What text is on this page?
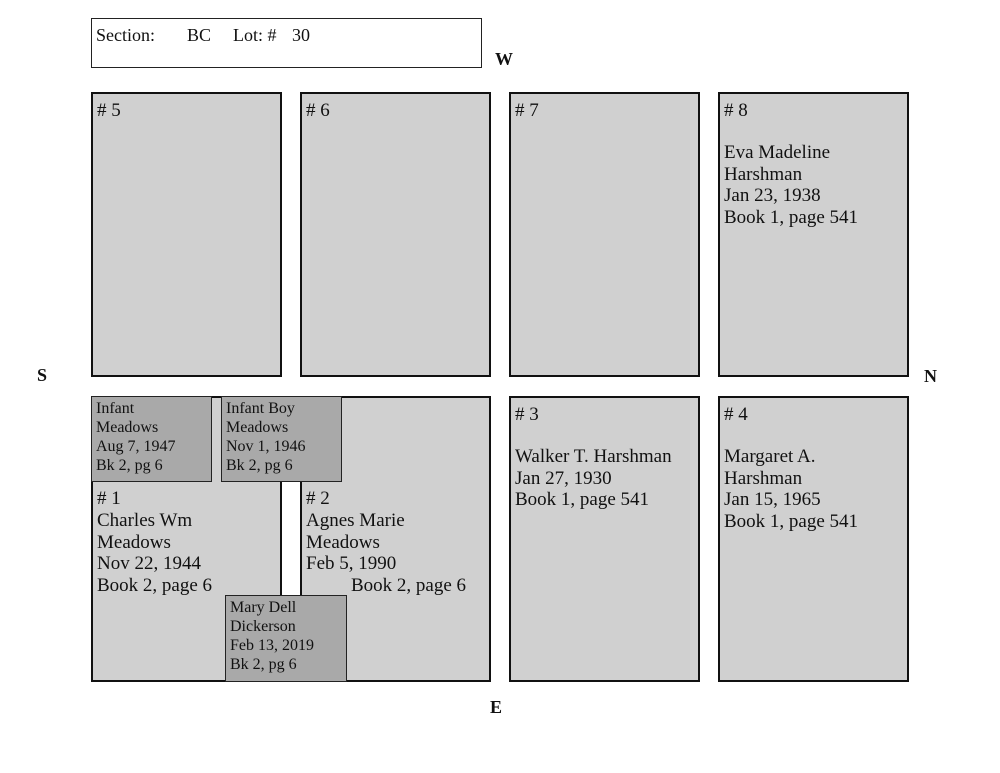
Section: BC Lot: # 30
W
S	N
E
# 5	# 6	# 7	# 8
Eva Madeline
Harshman
Jan 23, 1938
Book 1, page 541
# 1
Charles Wm
Meadows
Nov 22, 1944
Book 2, page 6
# 2
Agnes Marie
Meadows
Feb 5, 1990
Book 2, page 6
# 3
Walker T. Harshman
Jan 27, 1930
Book 1, page 541
# 4
Margaret A.
Harshman
Jan 15, 1965
Book 1, page 541
Infant
Meadows
Aug 7, 1947
Bk 2, pg 6
Infant Boy
Meadows
Nov 1, 1946
Bk 2, pg 6
Mary Dell
Dickerson
Feb 13, 2019
Bk 2, pg 6
